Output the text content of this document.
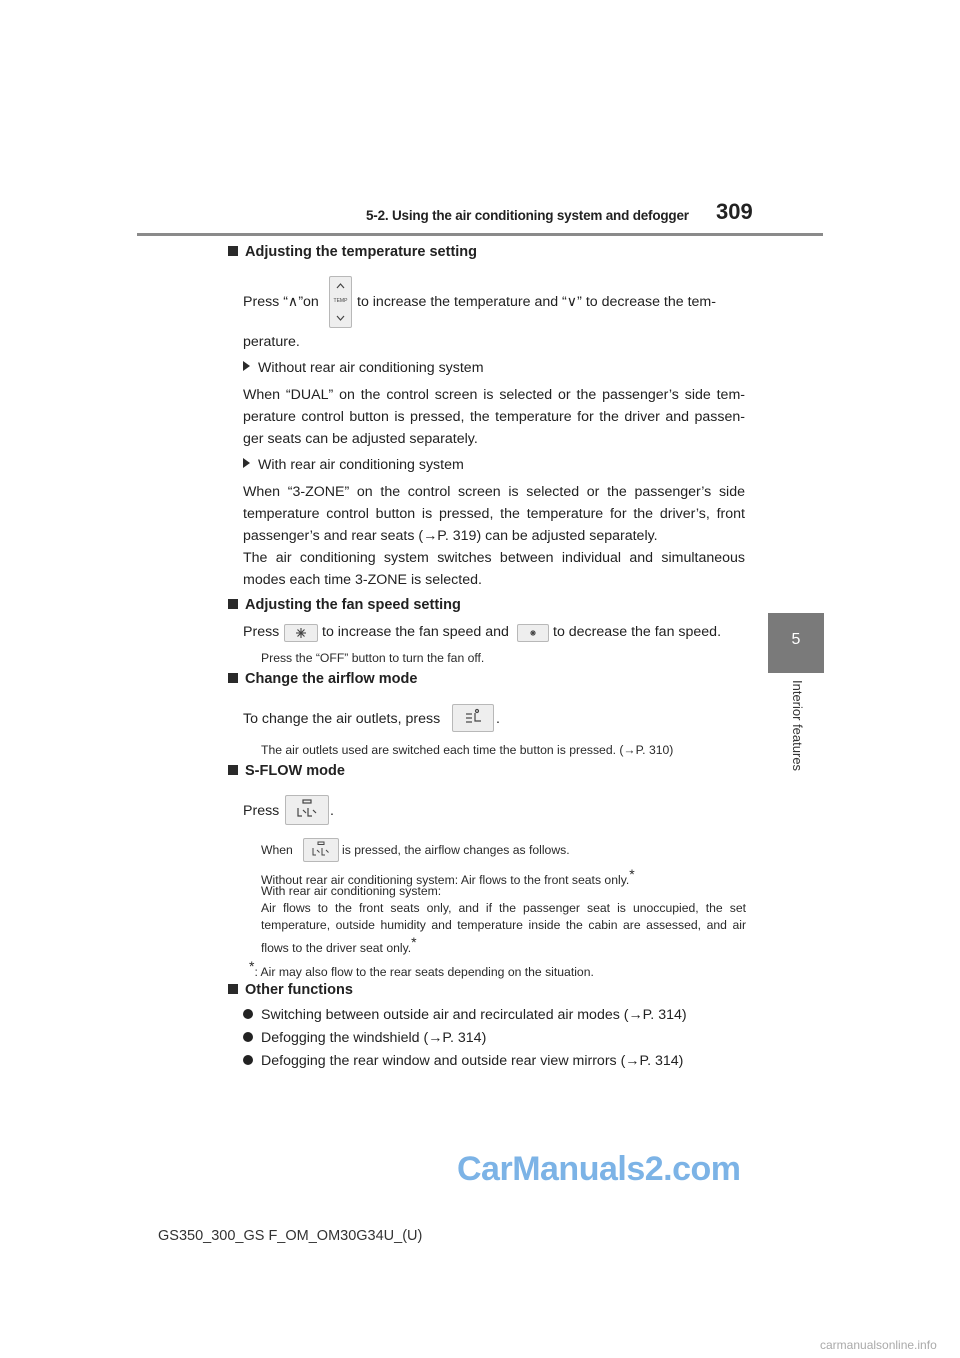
5-2. Using the air conditioning system and defogger 309
5
Interior features
Adjusting the temperature setting
Press “∧”on	TEMP to increase the temperature and “∨” to decrease the tem-
perature.
Without rear air conditioning system
When “DUAL” on the control screen is selected or the passenger’s side tem- perature control button is pressed, the temperature for the driver and passen- ger seats can be adjusted separately.
With rear air conditioning system
When “3-ZONE” on the control screen is selected or the passenger’s side temperature control button is pressed, the temperature for the driver’s, front passenger’s and rear seats (→P. 319) can be adjusted separately.
The air conditioning system switches between individual and simultaneous modes each time 3-ZONE is selected.
Adjusting the fan speed setting
Press	to increase the fan speed and	to decrease the fan speed.
Press the “OFF” button to turn the fan off.
Change the airflow mode
To change the air outlets, press	.
The air outlets used are switched each time the button is pressed. (→P. 310)
S-FLOW mode
Press	.
When	is pressed, the airflow changes as follows.
Without rear air conditioning system: Air flows to the front seats only.*
With rear air conditioning system:
Air flows to the front seats only, and if the passenger seat is unoccupied, the set temperature, outside humidity and temperature inside the cabin are assessed, and air flows to the driver seat only.*
*: Air may also flow to the rear seats depending on the situation.
Other functions
Switching between outside air and recirculated air modes (→P. 314)
Defogging the windshield (→P. 314)
Defogging the rear window and outside rear view mirrors (→P. 314)
CarManuals2.com
GS350_300_GS F_OM_OM30G34U_(U)
carmanualsonline.info
